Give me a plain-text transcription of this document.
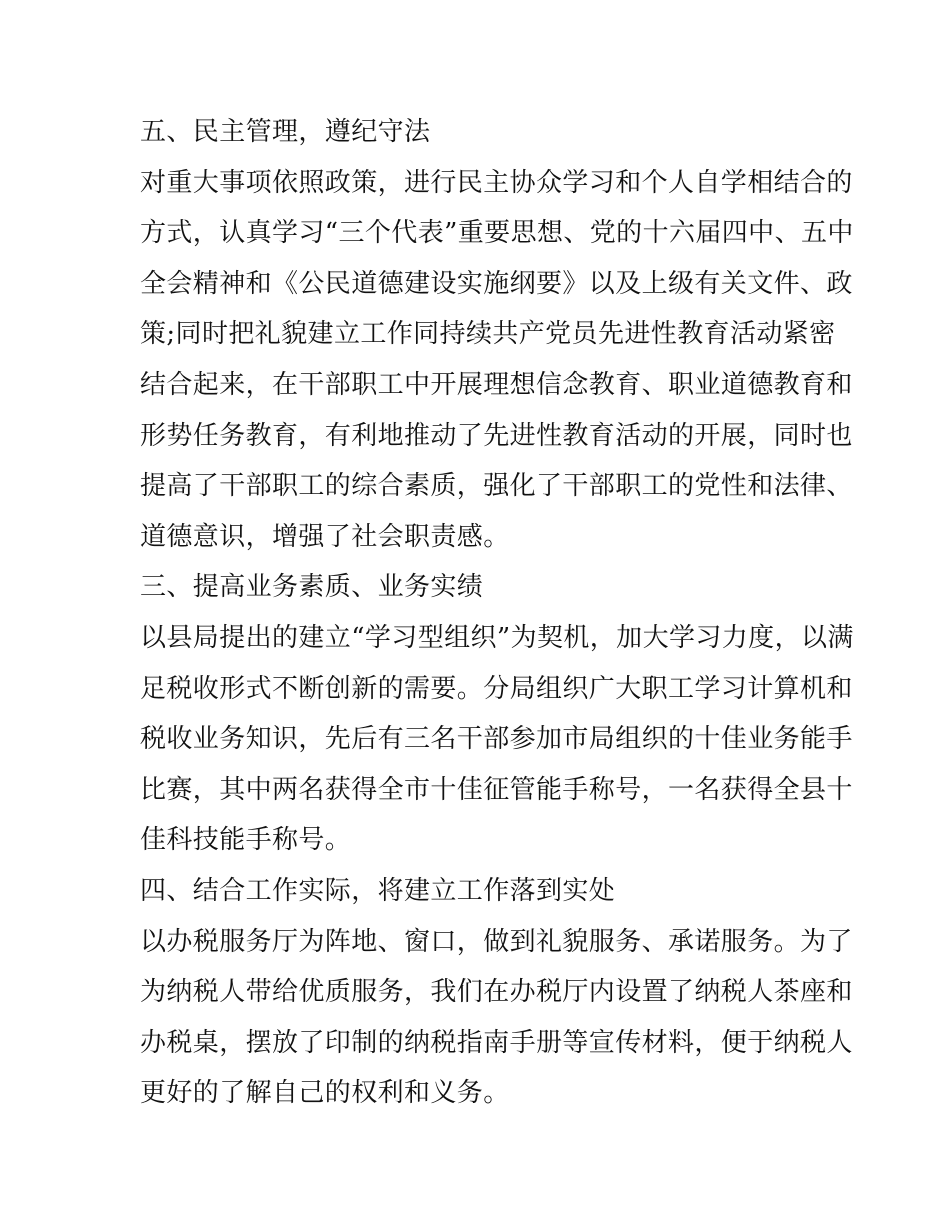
五、民主管理，遵纪守法
对重大事项依照政策，进行民主协众学习和个人自学相结合的
方式，认真学习“三个代表”重要思想、党的十六届四中、五中
全会精神和《公民道德建设实施纲要》以及上级有关文件、政
策;同时把礼貌建立工作同持续共产党员先进性教育活动紧密
结合起来，在干部职工中开展理想信念教育、职业道德教育和
形势任务教育，有利地推动了先进性教育活动的开展，同时也
提高了干部职工的综合素质，强化了干部职工的党性和法律、
道德意识，增强了社会职责感。
三、提高业务素质、业务实绩
以县局提出的建立“学习型组织”为契机，加大学习力度，以满
足税收形式不断创新的需要。分局组织广大职工学习计算机和
税收业务知识，先后有三名干部参加市局组织的十佳业务能手
比赛，其中两名获得全市十佳征管能手称号，一名获得全县十
佳科技能手称号。
四、结合工作实际，将建立工作落到实处
以办税服务厅为阵地、窗口，做到礼貌服务、承诺服务。为了
为纳税人带给优质服务，我们在办税厅内设置了纳税人茶座和
办税桌，摆放了印制的纳税指南手册等宣传材料，便于纳税人
更好的了解自己的权利和义务。
